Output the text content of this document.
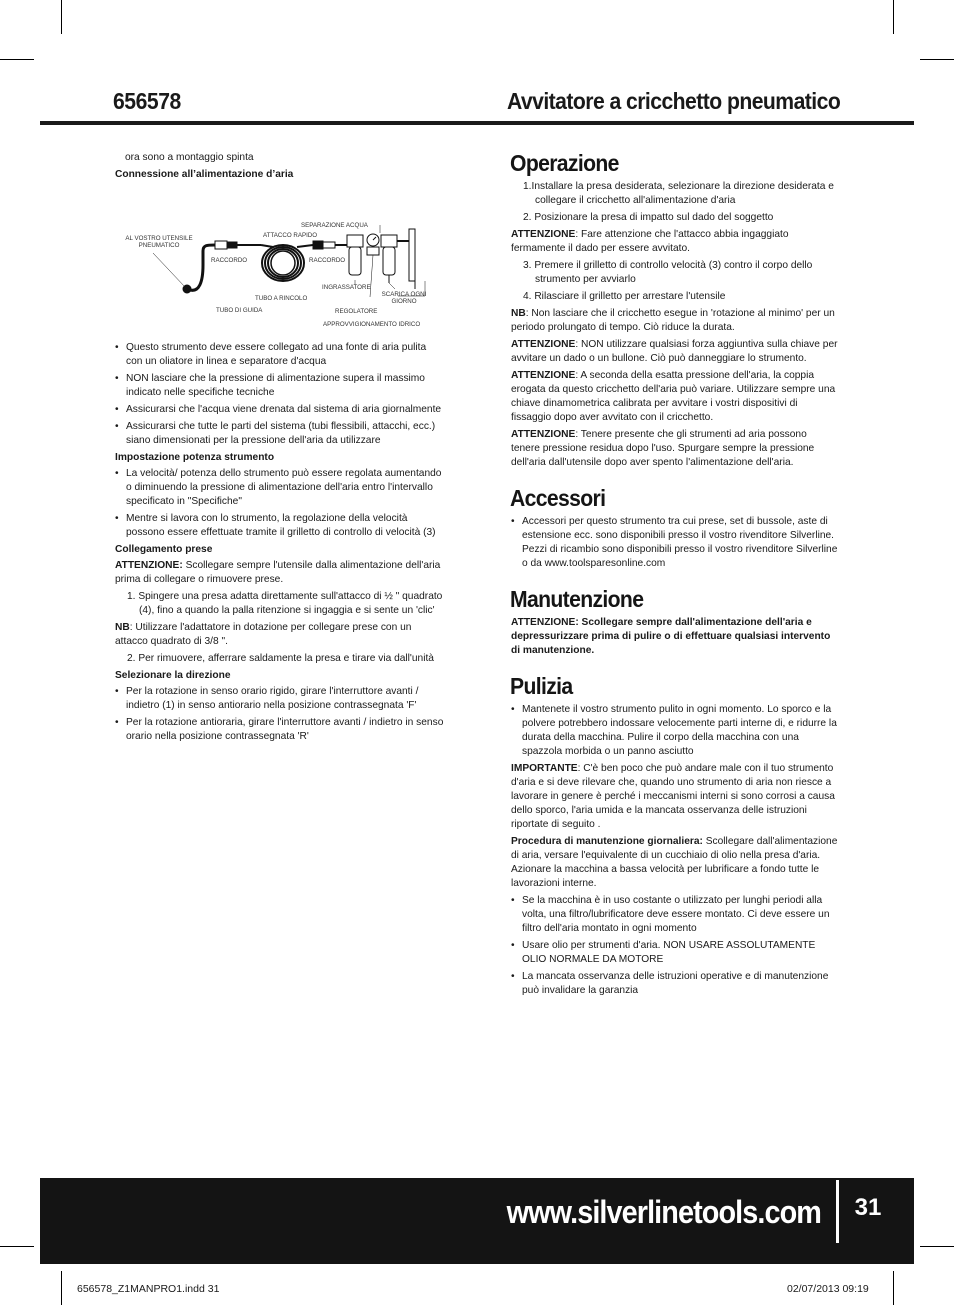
656578	Avvitatore a cricchetto pneumatico

ora sono a montaggio spinta

Connessione all’alimentazione d’aria
AL VOSTRO UTENSILE PNEUMATICO
ATTACCO RAPIDO
SEPARAZIONE ACQUA
RACCORDO	RACCORDO
INGRASSATORE
SCARICA OGNI GIORNO
TUBO A RINCOLO
REGOLATORE
TUBO DI GUIDA
APPROVVIGIONAMENTO IDRICO
• Questo strumento deve essere collegato ad una fonte di aria pulita con un oliatore in linea e separatore d'acqua
• NON lasciare che la pressione di alimentazione supera il massimo indicato nelle specifiche tecniche
• Assicurarsi che l'acqua viene drenata dal sistema di aria giornalmente
• Assicurarsi che tutte le parti del sistema (tubi flessibili, attacchi, ecc.) siano dimensionati per la pressione dell'aria da utilizzare
Impostazione potenza strumento
• La velocità/ potenza dello strumento può essere regolata aumentando o diminuendo la pressione di alimentazione dell'aria entro l'intervallo specificato in "Specifiche"
• Mentre si lavora con lo strumento, la regolazione della velocità possono essere effettuate tramite il grilletto di controllo di velocità (3)
Collegamento prese

ATTENZIONE: Scollegare sempre l'utensile dalla alimentazione dell'aria prima di collegare o rimuovere prese.

1. Spingere una presa adatta direttamente sull'attacco di ½ " quadrato (4), fino a quando la palla ritenzione si ingaggia e si sente un 'clic'

NB: Utilizzare l'adattatore in dotazione per collegare prese con un attacco quadrato di 3/8 ".

2. Per rimuovere, afferrare saldamente la presa e tirare via dall'unità

Selezionare la direzione
• Per la rotazione in senso orario rigido, girare l'interruttore avanti / indietro (1) in senso antiorario nella posizione contrassegnata 'F'
• Per la rotazione antioraria, girare l'interruttore avanti / indietro in senso orario nella posizione contrassegnata 'R'
Operazione

1.Installare la presa desiderata, selezionare la direzione desiderata e collegare il cricchetto all'alimentazione d'aria

2. Posizionare la presa di impatto sul dado del soggetto

ATTENZIONE: Fare attenzione che l'attacco abbia ingaggiato fermamente il dado per essere avvitato.

3. Premere il grilletto di controllo velocità (3) contro il corpo dello strumento per avviarlo

4. Rilasciare il grilletto per arrestare l'utensile

NB: Non lasciare che il cricchetto esegue in 'rotazione al minimo' per un periodo prolungato di tempo. Ciò riduce la durata.

ATTENZIONE: NON utilizzare qualsiasi forza aggiuntiva sulla chiave per avvitare un dado o un bullone. Ciò può danneggiare lo strumento.

ATTENZIONE: A seconda della esatta pressione dell'aria, la coppia erogata da questo cricchetto dell'aria può variare. Utilizzare sempre una chiave dinamometrica calibrata per avvitare i vostri dispositivi di fissaggio dopo aver avvitato con il cricchetto.

ATTENZIONE: Tenere presente che gli strumenti ad aria possono tenere pressione residua dopo l'uso. Spurgare sempre la pressione dell'aria dall'utensile dopo aver spento l'alimentazione dell'aria.

Accessori
• Accessori per questo strumento tra cui prese, set di bussole, aste di estensione ecc. sono disponibili presso il vostro rivenditore Silverline. Pezzi di ricambio sono disponibili presso il vostro rivenditore Silverline o da www.toolsparesonline.com
Manutenzione

ATTENZIONE: Scollegare sempre dall'alimentazione dell'aria e depressurizzare prima di pulire o di effettuare qualsiasi intervento di manutenzione.

Pulizia
• Mantenete il vostro strumento pulito in ogni momento. Lo sporco e la polvere potrebbero indossare velocemente parti interne di, e ridurre la durata della macchina. Pulire il corpo della macchina con una spazzola morbida o un panno asciutto

IMPORTANTE: C'è ben poco che può andare male con il tuo strumento d'aria e si deve rilevare che, quando uno strumento di aria non riesce a lavorare in genere è perché i meccanismi interni si sono corrosi a causa dello sporco, l'aria umida e la mancata osservanza delle istruzioni riportate di seguito .

Procedura di manutenzione giornaliera: Scollegare dall'alimentazione di aria, versare l'equivalente di un cucchiaio di olio nella presa d'aria. Azionare la macchina a bassa velocità per lubrificare a fondo tutte le lavorazioni interne.

• Se la macchina è in uso costante o utilizzato per lunghi periodi alla volta, una filtro/lubrificatore deve essere montato. Ci deve essere un filtro dell'aria montato in ogni momento
• Usare olio per strumenti d'aria. NON USARE ASSOLUTAMENTE OLIO NORMALE DA MOTORE
• La mancata osservanza delle istruzioni operative e di manutenzione può invalidare la garanzia
www.silverlinetools.com	31
656578_Z1MANPRO1.indd 31	02/07/2013 09:19
